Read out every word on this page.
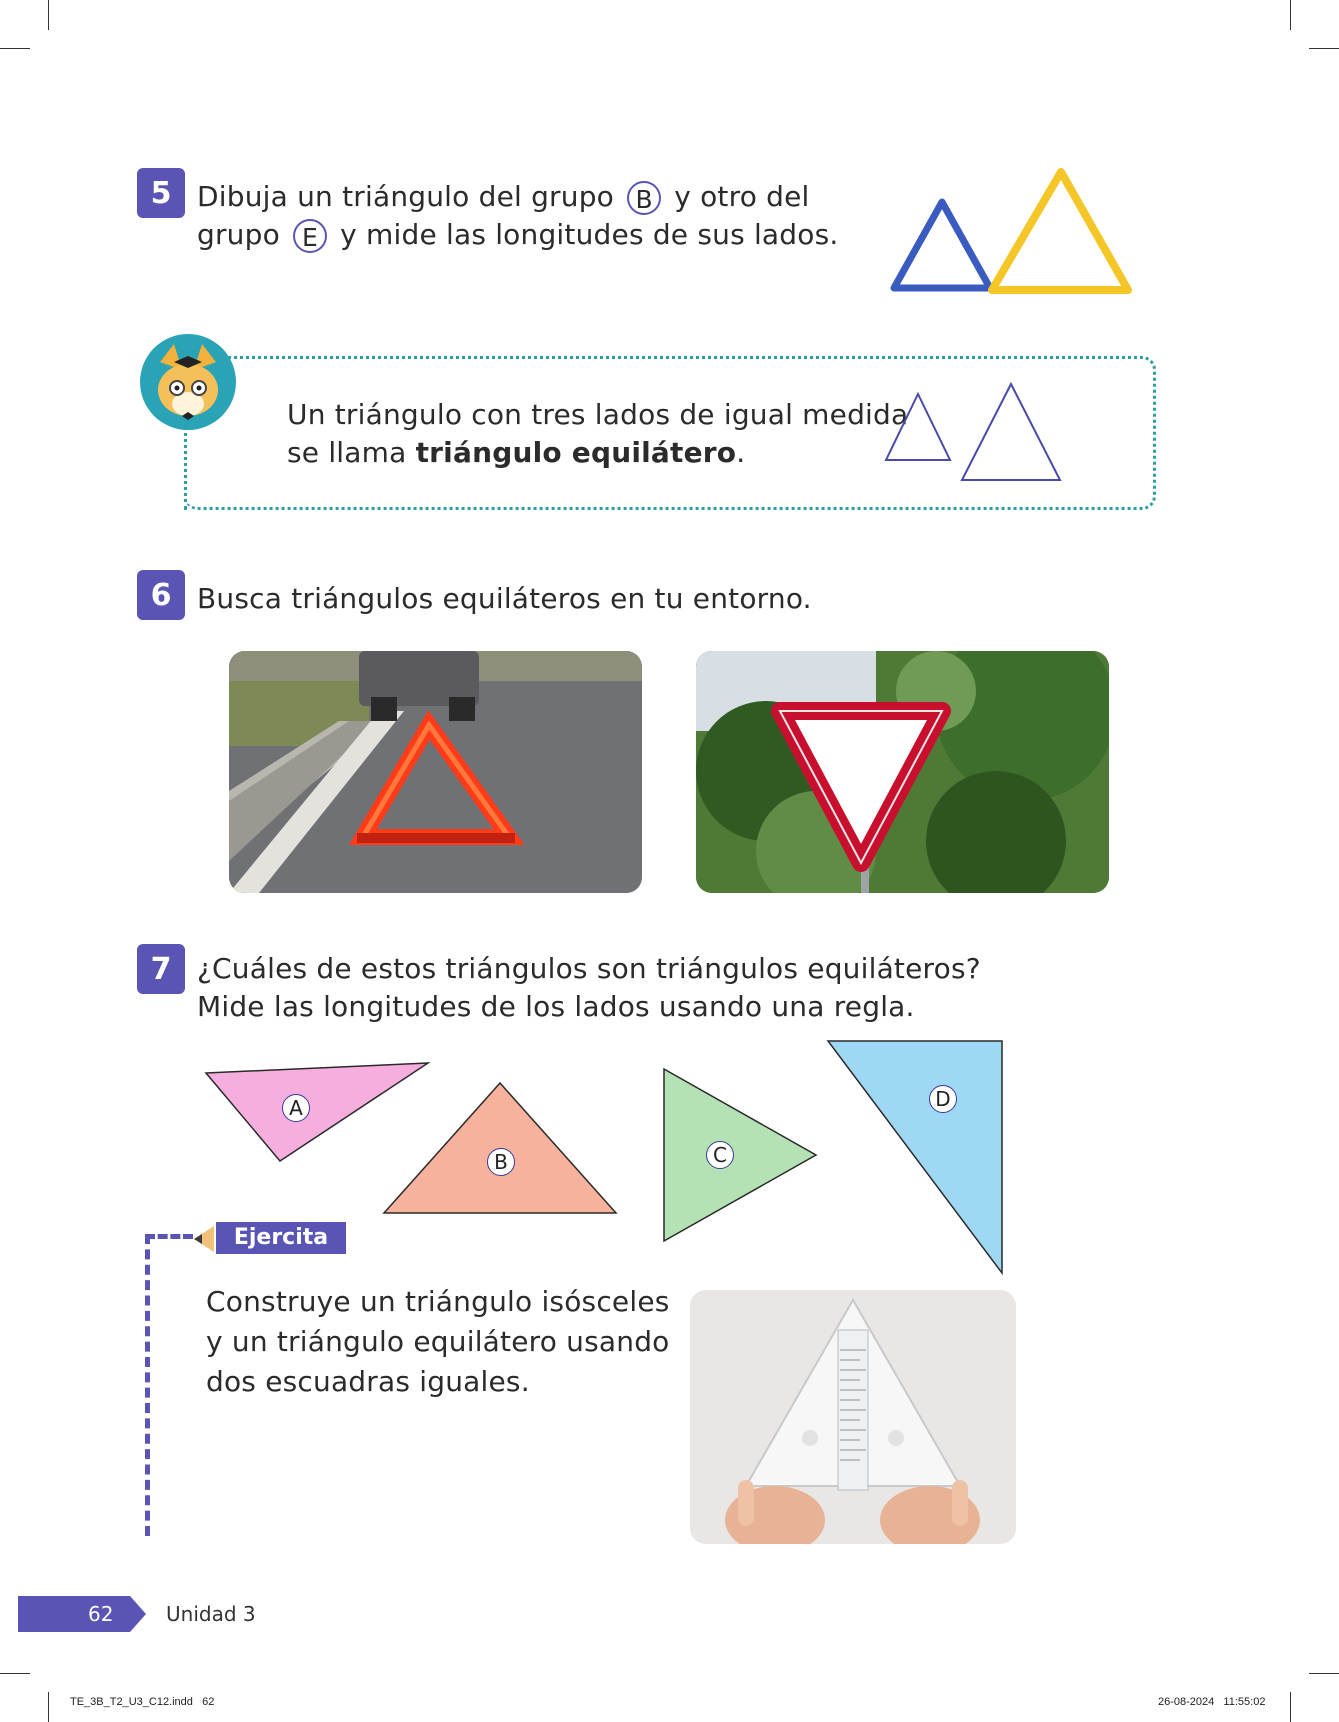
5 Dibuja un triángulo del grupo B y otro del
grupo E y mide las longitudes de sus lados.
Un triángulo con tres lados de igual medida
se llama triángulo equilátero.
6 Busca triángulos equiláteros en tu entorno.
7 ¿Cuáles de estos triángulos son triángulos equiláteros?
Mide las longitudes de los lados usando una regla.
A
B	C
D
Ejercita
Construye un triángulo isósceles
y un triángulo equilátero usando
dos escuadras iguales.
62	Unidad 3
TE_3B_T2_U3_C12.indd   62	26-08-2024   11:55:02
